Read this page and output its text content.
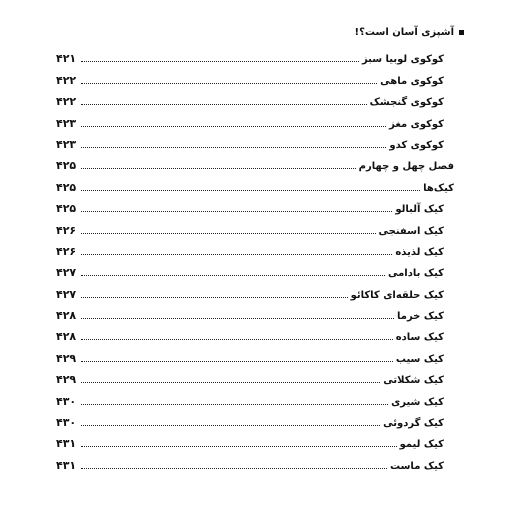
آشپزی آسان است؟!
کوکوی لوبیا سبز
۴۲۱
کوکوی ماهی
۴۲۲
کوکوی گنجشک
۴۲۲
کوکوی مغز
۴۲۳
کوکوی کدو
۴۲۳
فصل چهل و چهارم
۴۲۵
کیک‌ها
۴۲۵
کیک آلبالو
۴۲۵
کیک اسفنجی
۴۲۶
کیک لذیذه
۴۲۶
کیک بادامی
۴۲۷
کیک حلقه‌ای کاکائو
۴۲۷
کیک خرما
۴۲۸
کیک ساده
۴۲۸
کیک سیب
۴۲۹
کیک شکلاتی
۴۲۹
کیک شیری
۴۳۰
کیک گردوئی
۴۳۰
کیک لیمو
۴۳۱
کیک ماست
۴۳۱
